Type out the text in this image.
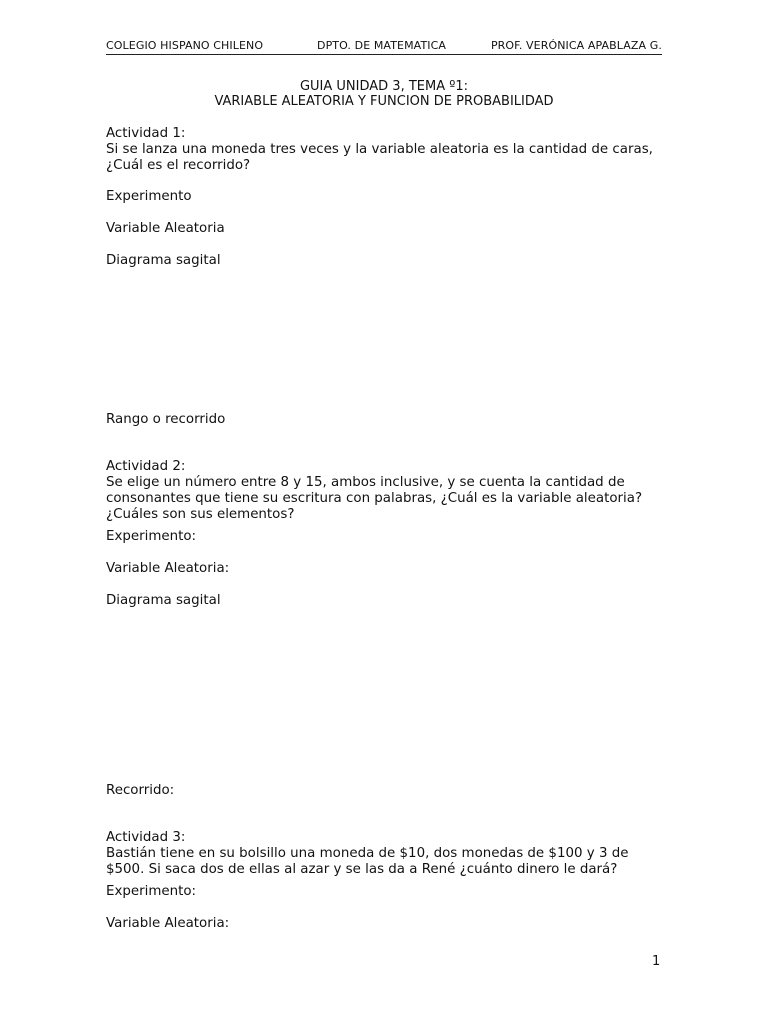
COLEGIO HISPANO CHILENO	DPTO. DE MATEMATICA	PROF. VERÓNICA APABLAZA G.
GUIA UNIDAD 3, TEMA º1:
VARIABLE ALEATORIA Y FUNCION DE PROBABILIDAD
Actividad 1:
Si se lanza una moneda tres veces y la variable aleatoria es la cantidad de caras,
¿Cuál es el recorrido?
Experimento
Variable Aleatoria
Diagrama sagital
Rango o recorrido
Actividad 2:
Se elige un número entre 8 y 15, ambos inclusive, y se cuenta la cantidad de
consonantes que tiene su escritura con palabras, ¿Cuál es la variable aleatoria?
¿Cuáles son sus elementos?
Experimento:
Variable Aleatoria:
Diagrama sagital
Recorrido:
Actividad 3:
Bastián tiene en su bolsillo una moneda de $10, dos monedas de $100 y 3 de
$500. Si saca dos de ellas al azar y se las da a René ¿cuánto dinero le dará?
Experimento:
Variable Aleatoria:
1
